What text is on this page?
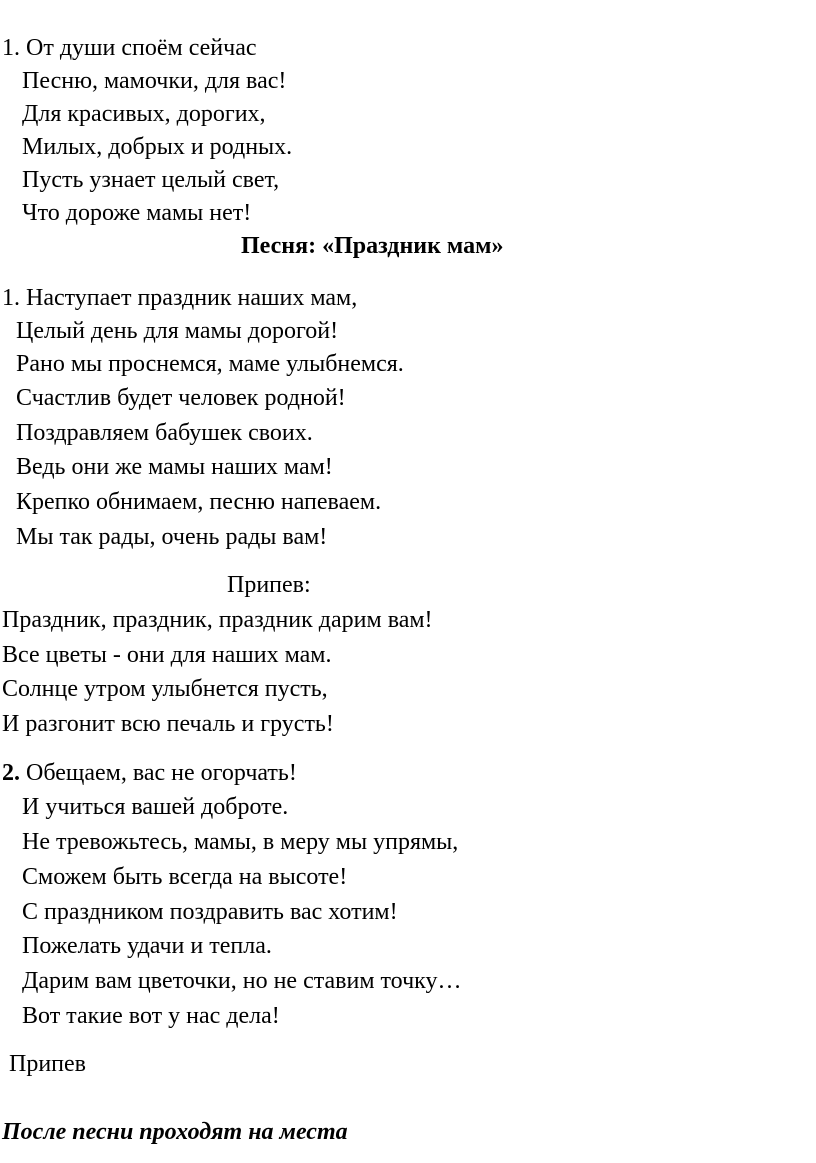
1. От души споём сейчас
Песню, мамочки, для вас!
Для красивых, дорогих,
Милых, добрых и родных.
Пусть узнает целый свет,
Что дороже мамы нет!
Песня: «Праздник мам»
1. Наступает праздник наших мам,
Целый день для мамы дорогой!
Рано мы проснемся, маме улыбнемся.
Счастлив будет человек родной!
Поздравляем бабушек своих.
Ведь они же мамы наших мам!
Крепко обнимаем, песню напеваем.
Мы так рады, очень рады вам!
Припев:
Праздник, праздник, праздник дарим вам!
Все цветы - они для наших мам.
Солнце утром улыбнется пусть,
И разгонит всю печаль и грусть!
2. Обещаем, вас не огорчать!
И учиться вашей доброте.
Не тревожьтесь, мамы, в меру мы упрямы,
Сможем быть всегда на высоте!
С праздником поздравить вас хотим!
Пожелать удачи и тепла.
Дарим вам цветочки, но не ставим точку…
Вот такие вот у нас дела!
Припев
После песни проходят на места
